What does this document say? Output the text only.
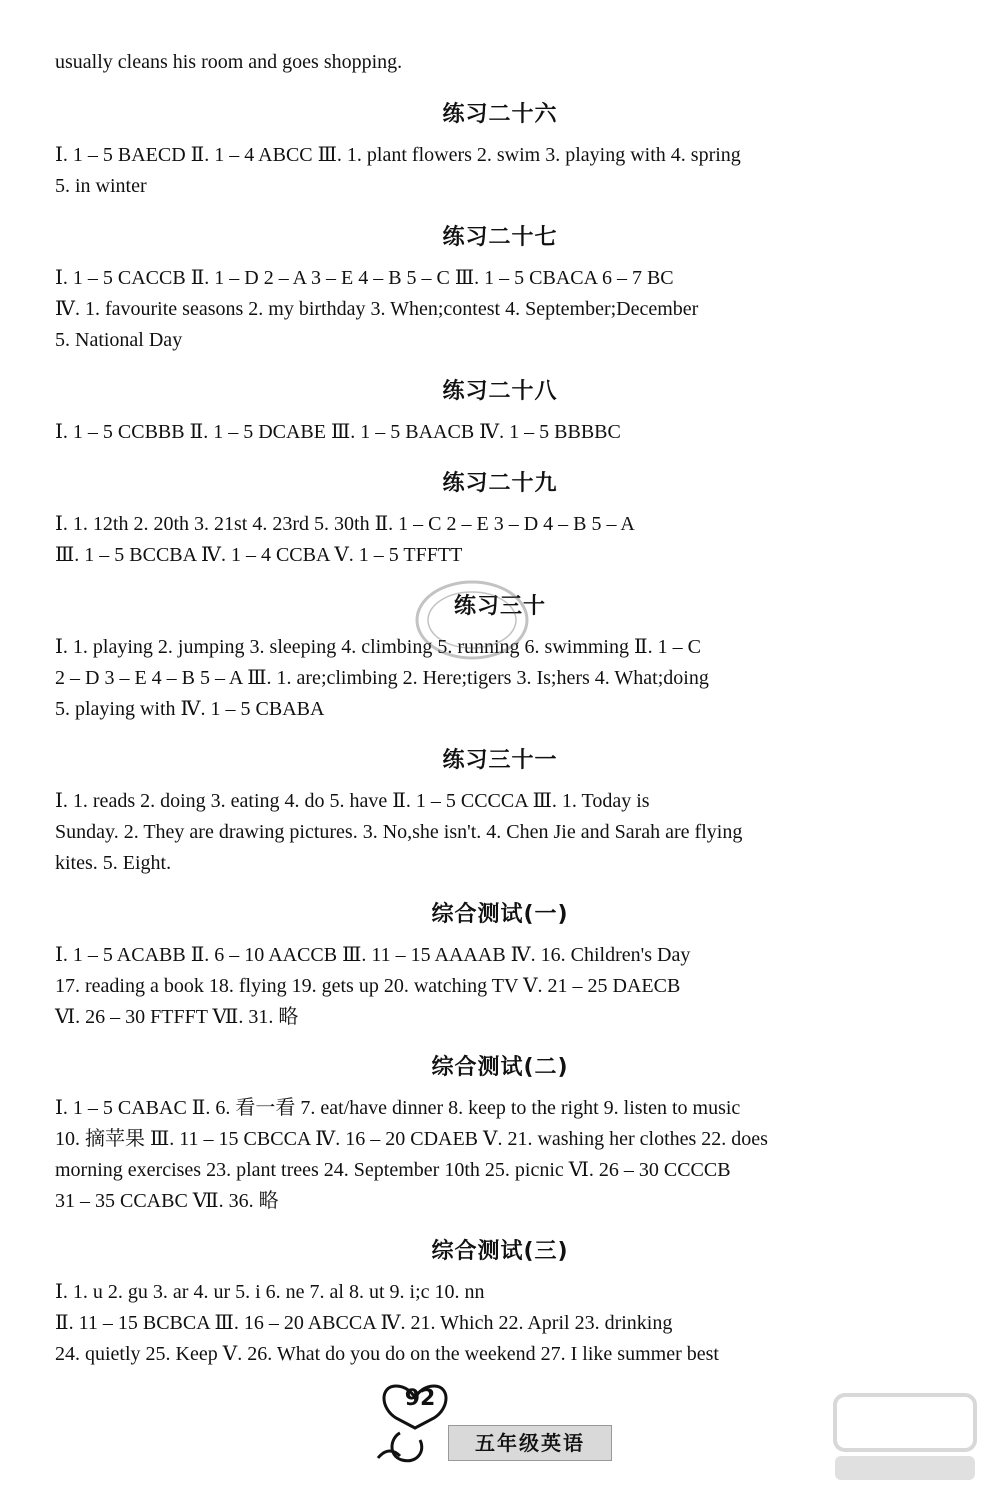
usually cleans his room and goes shopping.
练习二十六
Ⅰ. 1 – 5 BAECD Ⅱ. 1 – 4 ABCC Ⅲ. 1. plant flowers 2. swim 3. playing with 4. spring
5. in winter
练习二十七
Ⅰ. 1 – 5 CACCB Ⅱ. 1 – D 2 – A 3 – E 4 – B 5 – C Ⅲ. 1 – 5 CBACA 6 – 7 BC
Ⅳ. 1. favourite seasons 2. my birthday 3. When;contest 4. September;December
5. National Day
练习二十八
Ⅰ. 1 – 5 CCBBB Ⅱ. 1 – 5 DCABE Ⅲ. 1 – 5 BAACB Ⅳ. 1 – 5 BBBBC
练习二十九
Ⅰ. 1. 12th 2. 20th 3. 21st 4. 23rd 5. 30th Ⅱ. 1 – C 2 – E 3 – D 4 – B 5 – A
Ⅲ. 1 – 5 BCCBA Ⅳ. 1 – 4 CCBA Ⅴ. 1 – 5 TFFTT
练习三十
Ⅰ. 1. playing 2. jumping 3. sleeping 4. climbing 5. running 6. swimming Ⅱ. 1 – C
2 – D 3 – E 4 – B 5 – A Ⅲ. 1. are;climbing 2. Here;tigers 3. Is;hers 4. What;doing
5. playing with Ⅳ. 1 – 5 CBABA
练习三十一
Ⅰ. 1. reads 2. doing 3. eating 4. do 5. have Ⅱ. 1 – 5 CCCCA Ⅲ. 1. Today is
Sunday. 2. They are drawing pictures. 3. No,she isn't. 4. Chen Jie and Sarah are flying
kites. 5. Eight.
综合测试(一)
Ⅰ. 1 – 5 ACABB Ⅱ. 6 – 10 AACCB Ⅲ. 11 – 15 AAAAB Ⅳ. 16. Children's Day
17. reading a book 18. flying 19. gets up 20. watching TV Ⅴ. 21 – 25 DAECB
Ⅵ. 26 – 30 FTFFT Ⅶ. 31. 略
综合测试(二)
Ⅰ. 1 – 5 CABAC Ⅱ. 6. 看一看 7. eat/have dinner 8. keep to the right 9. listen to music
10. 摘苹果 Ⅲ. 11 – 15 CBCCA Ⅳ. 16 – 20 CDAEB Ⅴ. 21. washing her clothes 22. does
morning exercises 23. plant trees 24. September 10th 25. picnic Ⅵ. 26 – 30 CCCCB
31 – 35 CCABC Ⅶ. 36. 略
综合测试(三)
Ⅰ. 1. u 2. gu 3. ar 4. ur 5. i 6. ne 7. al 8. ut 9. i;c 10. nn
Ⅱ. 11 – 15 BCBCA Ⅲ. 16 – 20 ABCCA Ⅳ. 21. Which 22. April 23. drinking
24. quietly 25. Keep Ⅴ. 26. What do you do on the weekend 27. I like summer best
92
五年级英语
